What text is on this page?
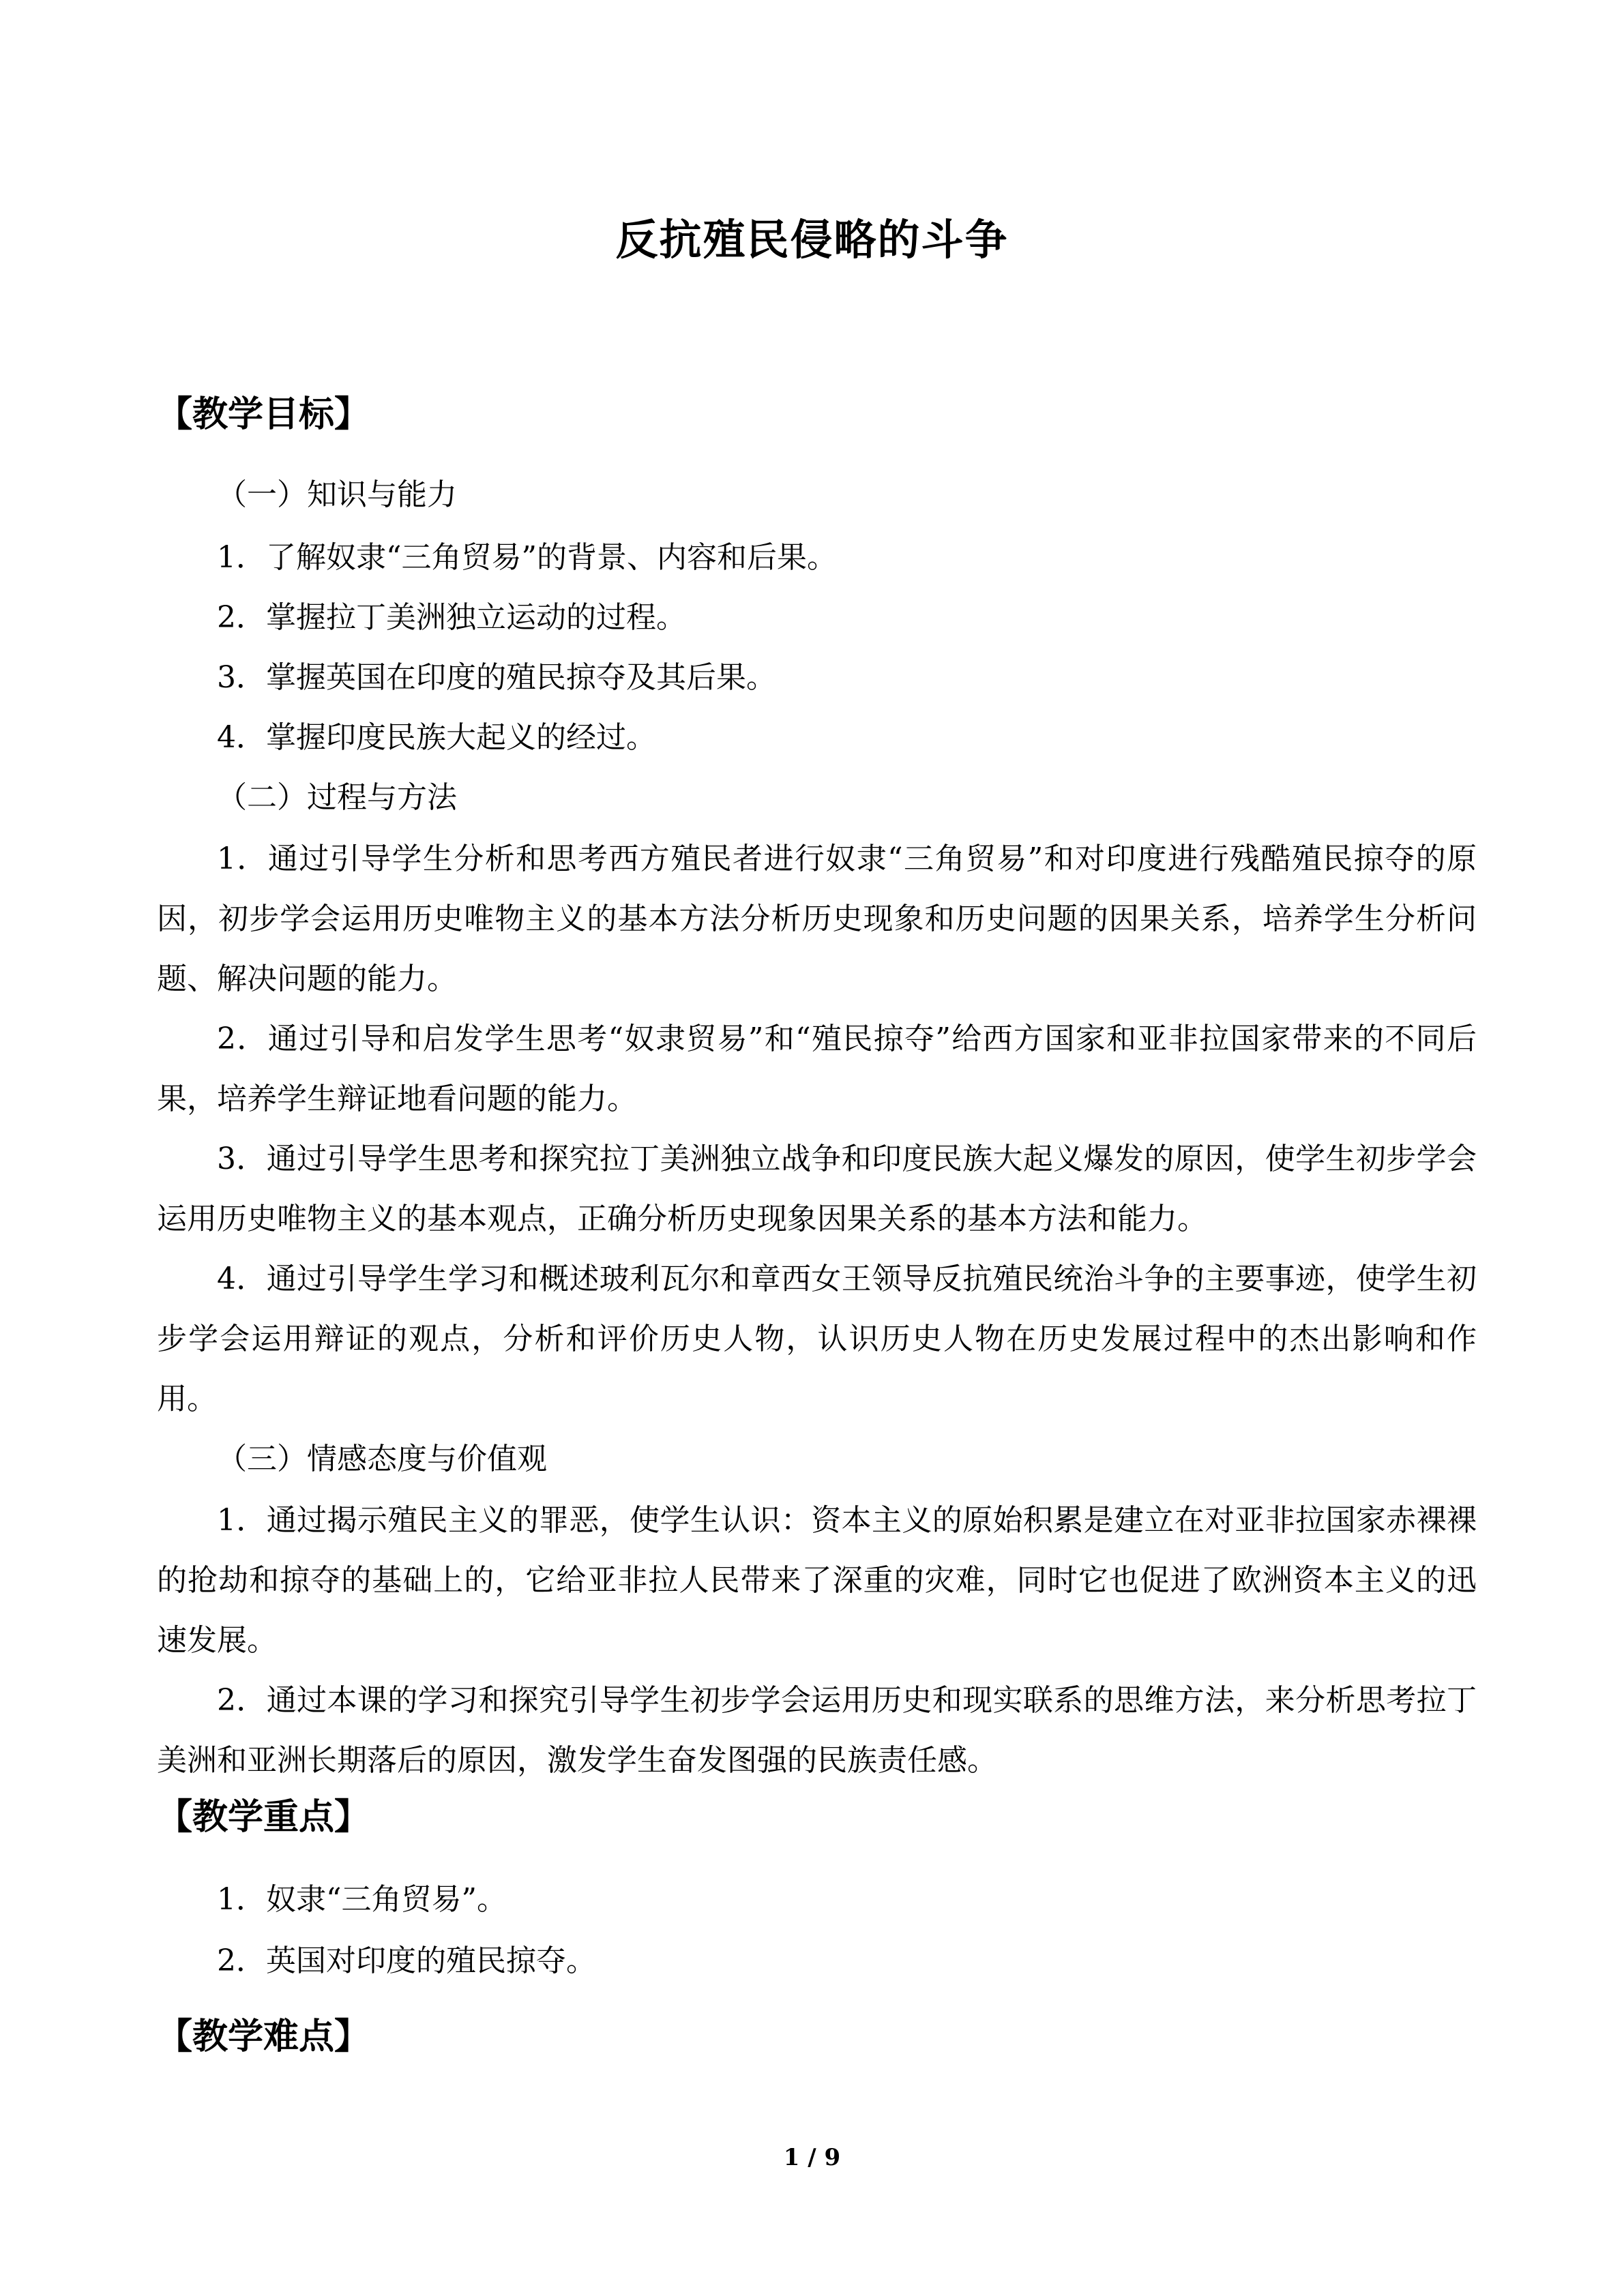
反抗殖民侵略的斗争
【教学目标】
（一）知识与能力
1．了解奴隶“三角贸易”的背景、内容和后果。
2．掌握拉丁美洲独立运动的过程。
3．掌握英国在印度的殖民掠夺及其后果。
4．掌握印度民族大起义的经过。
（二）过程与方法
1．通过引导学生分析和思考西方殖民者进行奴隶“三角贸易”和对印度进行残酷殖民掠夺的原因，初步学会运用历史唯物主义的基本方法分析历史现象和历史问题的因果关系，培养学生分析问题、解决问题的能力。
2．通过引导和启发学生思考“奴隶贸易”和“殖民掠夺”给西方国家和亚非拉国家带来的不同后果，培养学生辩证地看问题的能力。
3．通过引导学生思考和探究拉丁美洲独立战争和印度民族大起义爆发的原因，使学生初步学会运用历史唯物主义的基本观点，正确分析历史现象因果关系的基本方法和能力。
4．通过引导学生学习和概述玻利瓦尔和章西女王领导反抗殖民统治斗争的主要事迹，使学生初步学会运用辩证的观点，分析和评价历史人物，认识历史人物在历史发展过程中的杰出影响和作用。
（三）情感态度与价值观
1．通过揭示殖民主义的罪恶，使学生认识：资本主义的原始积累是建立在对亚非拉国家赤裸裸的抢劫和掠夺的基础上的，它给亚非拉人民带来了深重的灾难，同时它也促进了欧洲资本主义的迅速发展。
2．通过本课的学习和探究引导学生初步学会运用历史和现实联系的思维方法，来分析思考拉丁美洲和亚洲长期落后的原因，激发学生奋发图强的民族责任感。
【教学重点】
1．奴隶“三角贸易”。
2．英国对印度的殖民掠夺。
【教学难点】
1 / 9
